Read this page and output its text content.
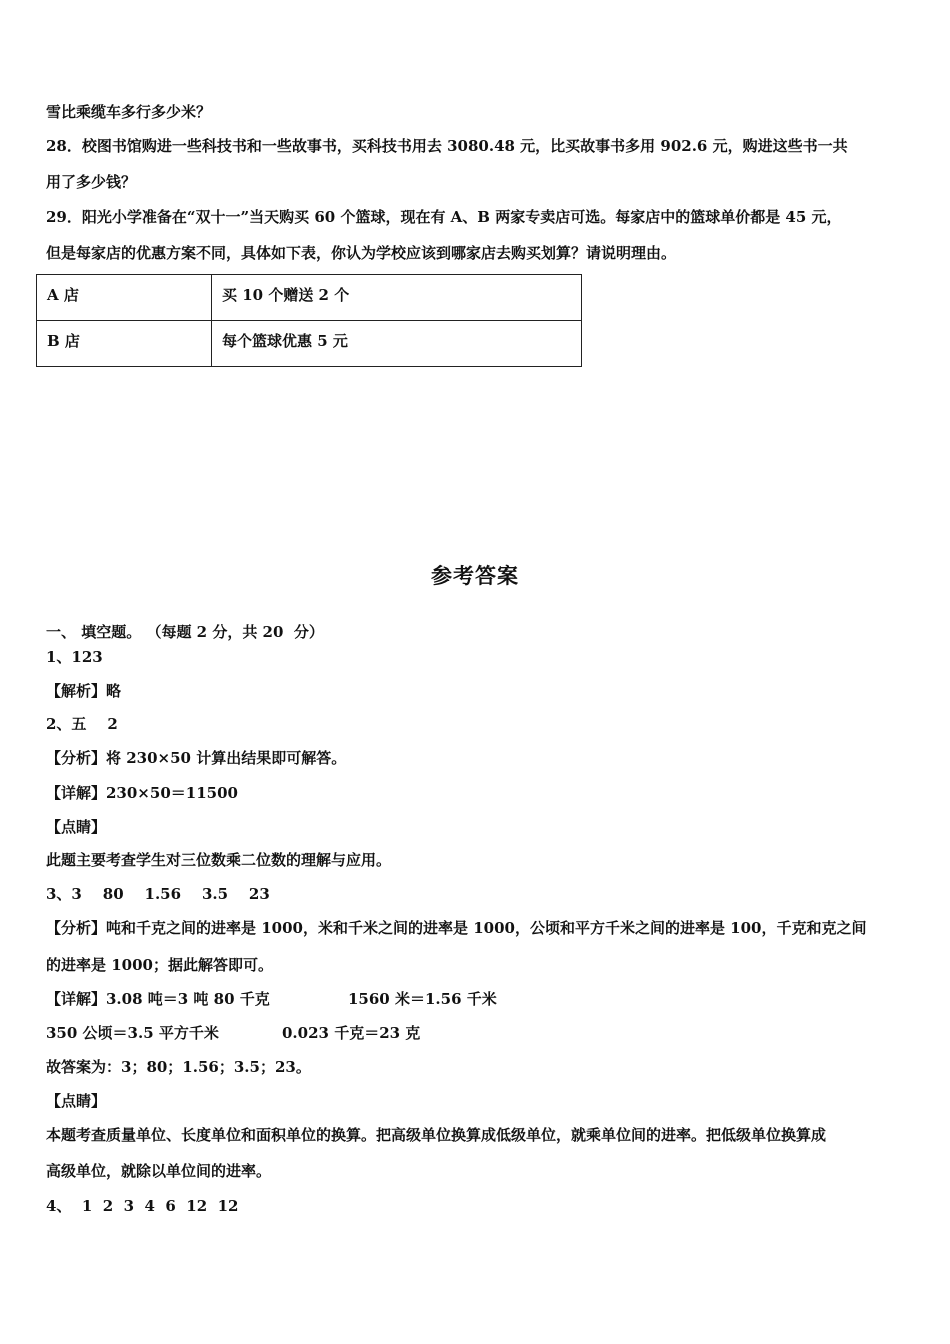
雪比乘缆车多行多少米？
28．校图书馆购进一些科技书和一些故事书，买科技书用去 3080.48 元，比买故事书多用 902.6 元，购进这些书一共
用了多少钱？
29．阳光小学准备在“双十一”当天购买 60 个篮球，现在有 A、B 两家专卖店可选。每家店中的篮球单价都是 45 元，
但是每家店的优惠方案不同，具体如下表，你认为学校应该到哪家店去购买划算？请说明理由。
A 店	买 10 个赠送 2 个
B 店	每个篮球优惠 5 元
参考答案
一、 填空题。 （每题 2 分，共 20  分）
1、123
【解析】略
2、五    2
【分析】将 230×50 计算出结果即可解答。
【详解】230×50＝11500
【点睛】
此题主要考查学生对三位数乘二位数的理解与应用。
3、3    80    1.56    3.5    23
【分析】吨和千克之间的进率是 1000，米和千米之间的进率是 1000，公顷和平方千米之间的进率是 100，千克和克之间
的进率是 1000；据此解答即可。
【详解】3.08 吨＝3 吨 80 千克	1560 米＝1.56 千米
350 公顷＝3.5 平方千米	0.023 千克＝23 克
故答案为：3；80；1.56；3.5；23。
【点睛】
本题考查质量单位、长度单位和面积单位的换算。把高级单位换算成低级单位，就乘单位间的进率。把低级单位换算成
高级单位，就除以单位间的进率。
4、  1  2  3  4  6  12  12
